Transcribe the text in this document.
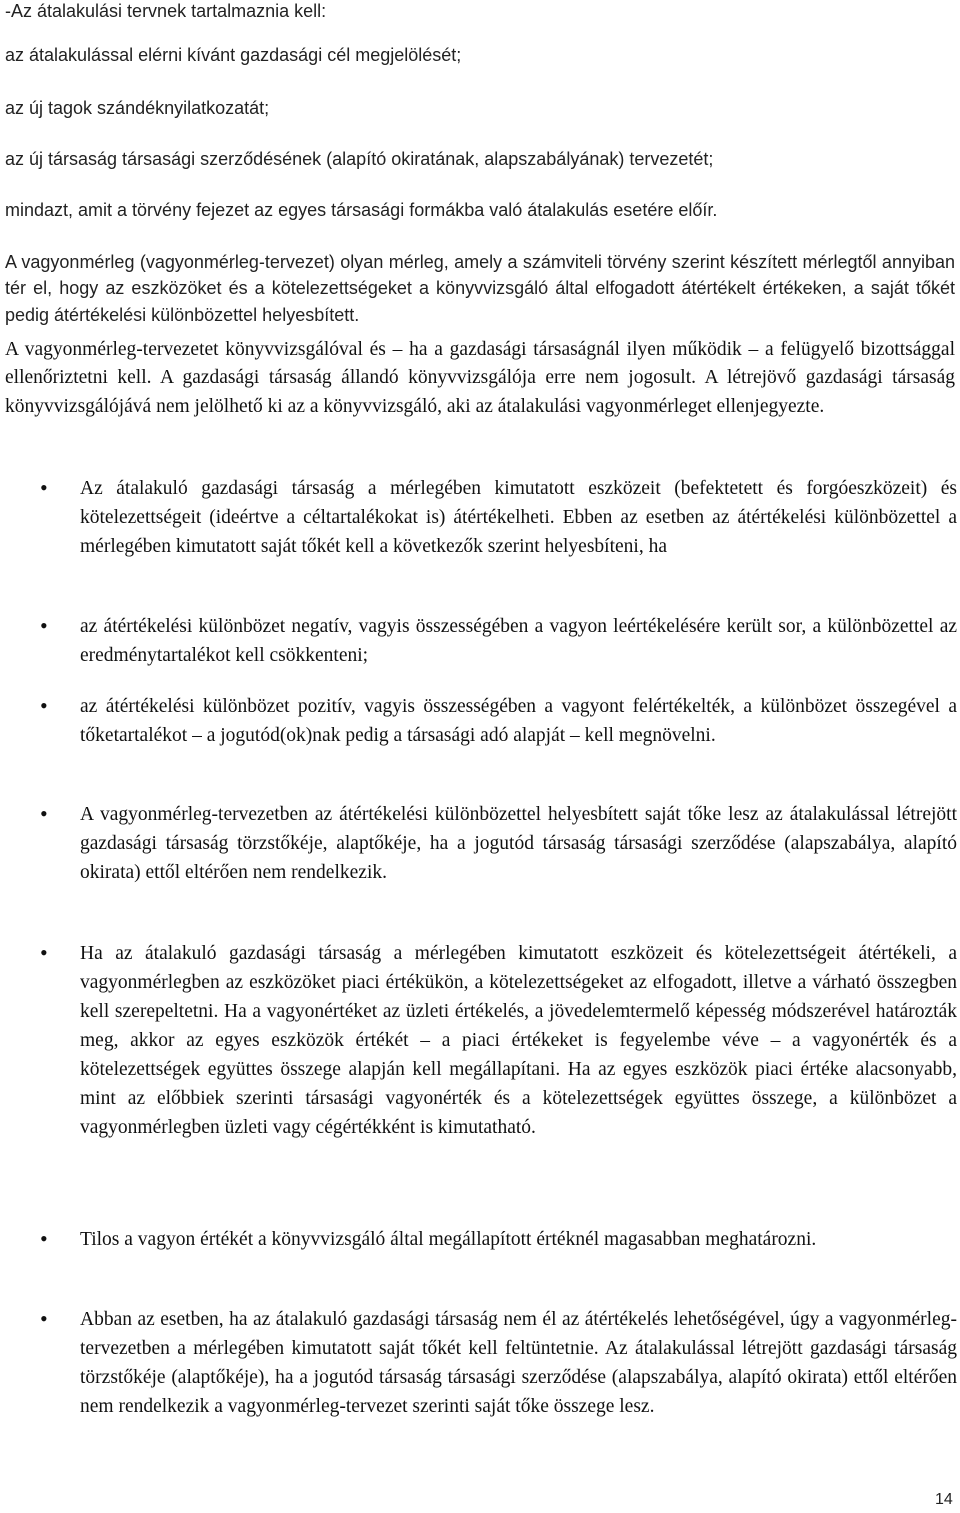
-Az átalakulási tervnek tartalmaznia kell:
az átalakulással elérni kívánt gazdasági cél megjelölését;
az új tagok szándéknyilatkozatát;
az új társaság társasági szerződésének (alapító okiratának, alapszabályának) tervezetét;
mindazt, amit a törvény fejezet az egyes társasági formákba való átalakulás esetére előír.
A vagyonmérleg (vagyonmérleg-tervezet) olyan mérleg, amely a számviteli törvény szerint készített mérlegtől annyiban tér el, hogy az eszközöket és a kötelezettségeket a könyvvizsgáló által elfogadott átértékelt értékeken, a saját tőkét pedig átértékelési különbözettel helyesbített.
A vagyonmérleg-tervezetet könyvvizsgálóval és – ha a gazdasági társaságnál ilyen működik – a felügyelő bizottsággal ellenőriztetni kell. A gazdasági társaság állandó könyvvizsgálója erre nem jogosult. A létrejövő gazdasági társaság könyvvizsgálójává nem jelölhető ki az a könyvvizsgáló, aki az átalakulási vagyonmérleget ellenjegyezte.
•	Az átalakuló gazdasági társaság a mérlegében kimutatott eszközeit (befektetett és forgóeszközeit) és kötelezettségeit (ideértve a céltartalékokat is) átértékelheti. Ebben az esetben az átértékelési különbözettel a mérlegében kimutatott saját tőkét kell a következők szerint helyesbíteni, ha
•	az átértékelési különbözet negatív, vagyis összességében a vagyon leértékelésére került sor, a különbözettel az eredménytartalékot kell csökkenteni;
•	az átértékelési különbözet pozitív, vagyis összességében a vagyont felértékelték, a különbözet összegével a tőketartalékot – a jogutód(ok)nak pedig a társasági adó alapját – kell megnövelni.
•	A vagyonmérleg-tervezetben az átértékelési különbözettel helyesbített saját tőke lesz az átalakulással létrejött gazdasági társaság törzstőkéje, alaptőkéje, ha a jogutód társaság társasági szerződése (alapszabálya, alapító okirata) ettől eltérően nem rendelkezik.
•	Ha az átalakuló gazdasági társaság a mérlegében kimutatott eszközeit és kötelezettségeit átértékeli, a vagyonmérlegben az eszközöket piaci értékükön, a kötelezettségeket az elfogadott, illetve a várható összegben kell szerepeltetni. Ha a vagyonértéket az üzleti értékelés, a jövedelemtermelő képesség módszerével határozták meg, akkor az egyes eszközök értékét – a piaci értékeket is fegyelembe véve – a vagyonérték és a kötelezettségek együttes összege alapján kell megállapítani. Ha az egyes eszközök piaci értéke alacsonyabb, mint az előbbiek szerinti társasági vagyonérték és a kötelezettségek együttes összege, a különbözet a vagyonmérlegben üzleti vagy cégértékként is kimutatható.
•	Tilos a vagyon értékét a könyvvizsgáló által megállapított értéknél magasabban meghatározni.
•	Abban az esetben, ha az átalakuló gazdasági társaság nem él az átértékelés lehetőségével, úgy a vagyonmérleg-tervezetben a mérlegében kimutatott saját tőkét kell feltüntetnie. Az átalakulással létrejött gazdasági társaság törzstőkéje (alaptőkéje), ha a jogutód társaság társasági szerződése (alapszabálya, alapító okirata) ettől eltérően nem rendelkezik a vagyonmérleg-tervezet szerinti saját tőke összege lesz.
14
